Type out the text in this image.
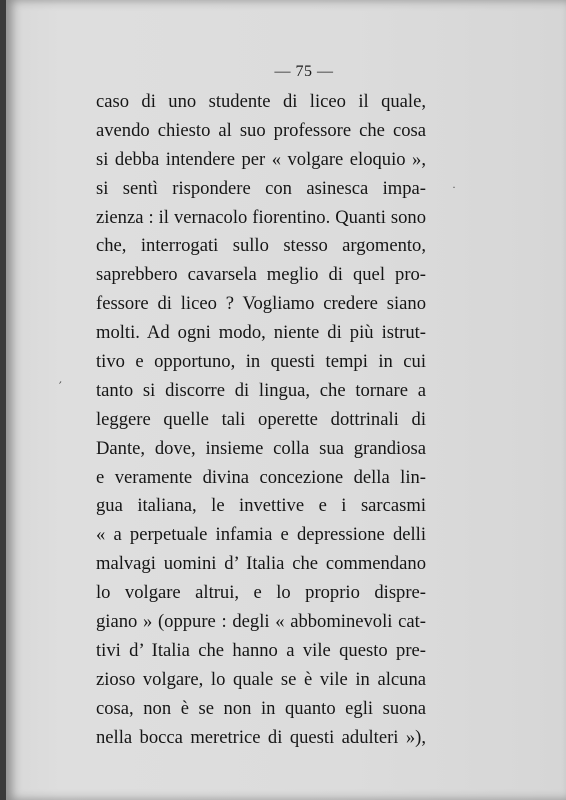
— 75 —
caso di uno studente di liceo il quale,
avendo chiesto al suo professore che cosa
si debba intendere per « volgare eloquio »,
si sentì rispondere con asinesca impa-
zienza : il vernacolo fiorentino. Quanti sono
che, interrogati sullo stesso argomento,
saprebbero cavarsela meglio di quel pro-
fessore di liceo ? Vogliamo credere siano
molti. Ad ogni modo, niente di più istrut-
tivo e opportuno, in questi tempi in cui
tanto si discorre di lingua, che tornare a
leggere quelle tali operette dottrinali di
Dante, dove, insieme colla sua grandiosa
e veramente divina concezione della lin-
gua italiana, le invettive e i sarcasmi
« a perpetuale infamia e depressione delli
malvagi uomini d’ Italia che commendano
lo volgare altrui, e lo proprio dispre-
giano » (oppure : degli « abbominevoli cat-
tivi d’ Italia che hanno a vile questo pre-
zioso volgare, lo quale se è vile in alcuna
cosa, non è se non in quanto egli suona
nella bocca meretrice di questi adulteri »),
·
ʹ
